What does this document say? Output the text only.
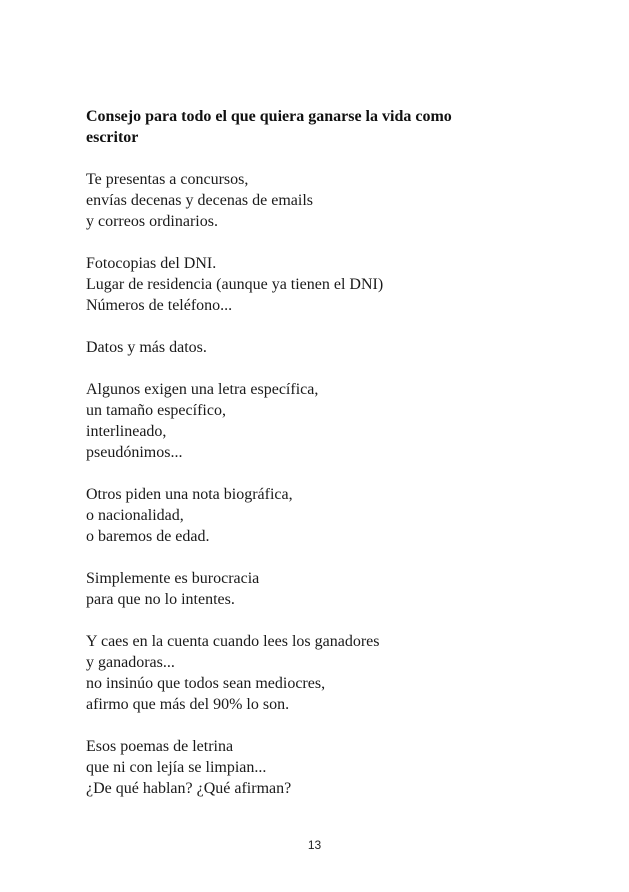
Consejo para todo el que quiera ganarse la vida como
escritor
Te presentas a concursos,
envías decenas y decenas de emails
y correos ordinarios.
Fotocopias del DNI.
Lugar de residencia (aunque ya tienen el DNI)
Números de teléfono...
Datos y más datos.
Algunos exigen una letra específica,
un tamaño específico,
interlineado,
pseudónimos...
Otros piden una nota biográfica,
o nacionalidad,
o baremos de edad.
Simplemente es burocracia
para que no lo intentes.
Y caes en la cuenta cuando lees los ganadores
y ganadoras...
no insinúo que todos sean mediocres,
afirmo que más del 90% lo son.
Esos poemas de letrina
que ni con lejía se limpian...
¿De qué hablan? ¿Qué afirman?
13
